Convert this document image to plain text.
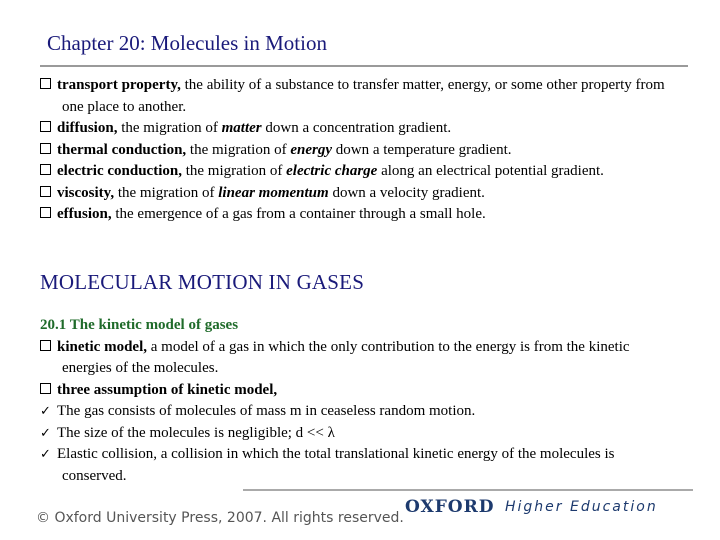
Chapter 20: Molecules in Motion
transport property, the ability of a substance to transfer matter, energy, or some other property from one place to another.
diffusion, the migration of matter down a concentration gradient.
thermal conduction, the migration of energy down a temperature gradient.
electric conduction, the migration of electric charge along an electrical potential gradient.
viscosity, the migration of linear momentum down a velocity gradient.
effusion, the emergence of a gas from a container through a small hole.
MOLECULAR MOTION IN GASES
20.1 The kinetic model of gases
kinetic model, a model of a gas in which the only contribution to the energy is from the kinetic energies of the molecules.
three assumption of kinetic model,
✓ The gas consists of molecules of mass m in ceaseless random motion.
✓ The size of the molecules is negligible; d << λ
✓ Elastic collision, a collision in which the total translational kinetic energy of the molecules is conserved.
© Oxford University Press, 2007. All rights reserved.
OXFORD Higher Education
